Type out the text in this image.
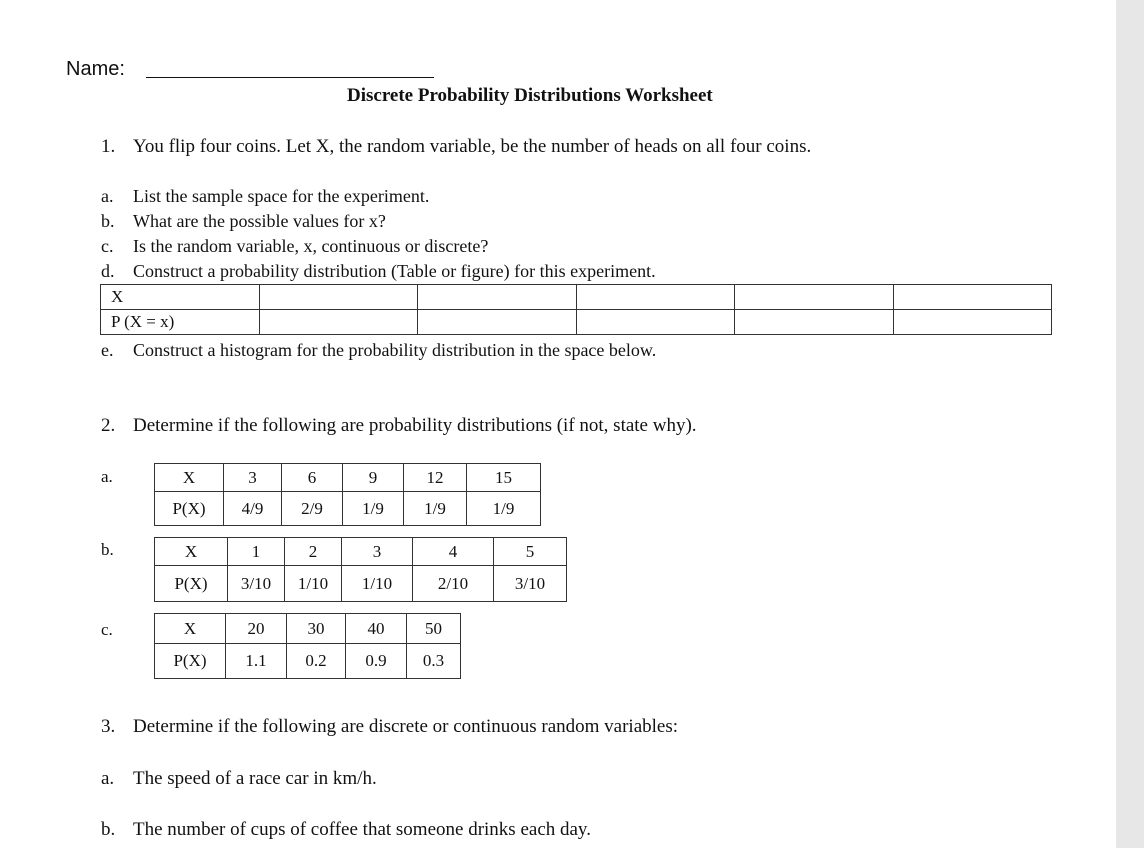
Name:
Discrete Probability Distributions Worksheet
1. You flip four coins. Let X, the random variable, be the number of heads on all four coins.
a. List the sample space for the experiment.
b. What are the possible values for x?
c. Is the random variable, x, continuous or discrete?
d. Construct a probability distribution (Table or figure) for this experiment.
X					
P (X = x)					
e. Construct a histogram for the probability distribution in the space below.
2. Determine if the following are probability distributions (if not, state why).
a.	X	3	6	9	12	15
P(X)	4/9	2/9	1/9	1/9	1/9
b.	X	1	2	3	4	5
P(X)	3/10	1/10	1/10	2/10	3/10
c.	X	20	30	40	50
P(X)	1.1	0.2	0.9	0.3
3. Determine if the following are discrete or continuous random variables:
a. The speed of a race car in km/h.
b. The number of cups of coffee that someone drinks each day.
